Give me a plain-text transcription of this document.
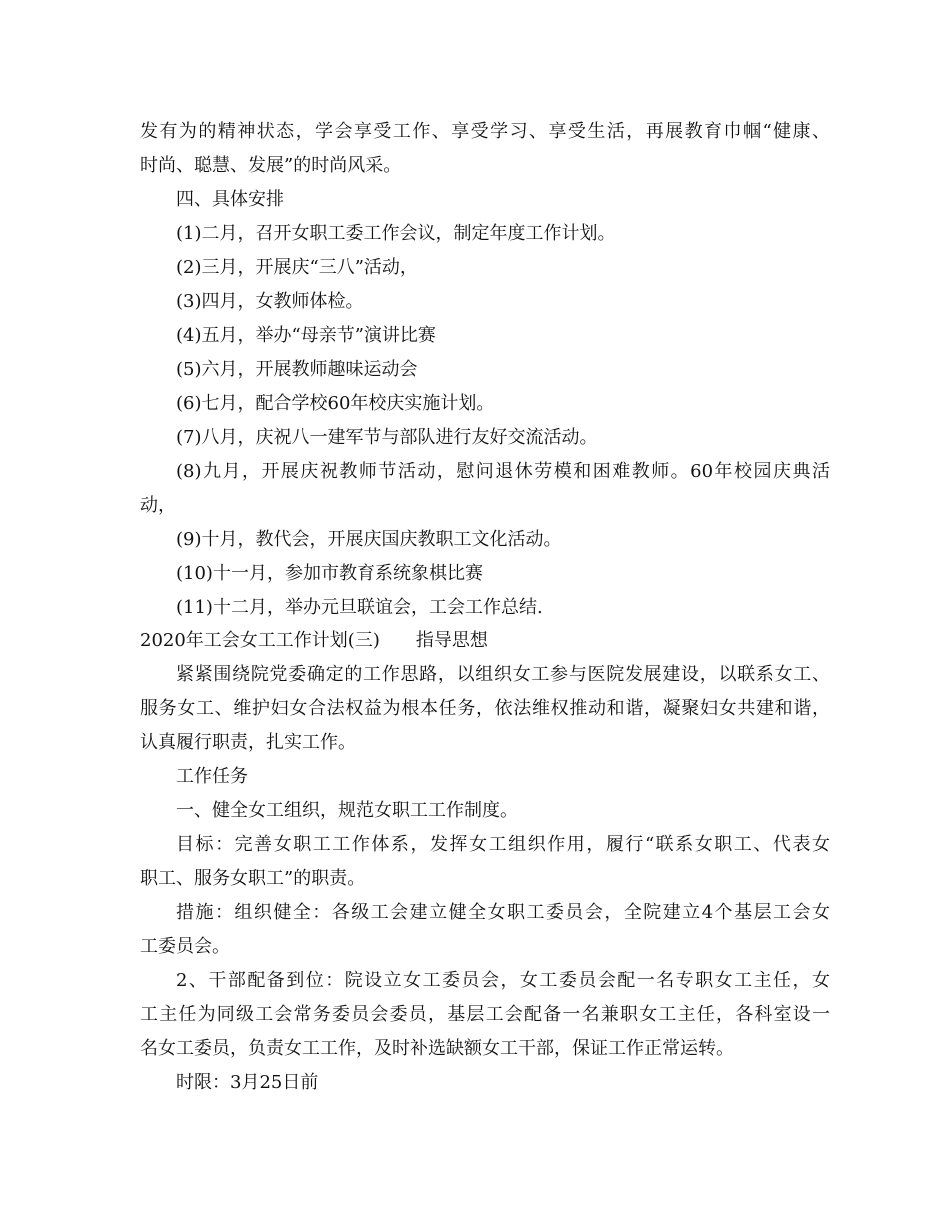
发有为的精神状态，学会享受工作、享受学习、享受生活，再展教育巾帼“健康、
时尚、聪慧、发展”的时尚风采。
四、具体安排
(1)二月，召开女职工委工作会议，制定年度工作计划。
(2)三月，开展庆“三八”活动，
(3)四月，女教师体检。
(4)五月，举办“母亲节”演讲比赛
(5)六月，开展教师趣味运动会
(6)七月，配合学校60年校庆实施计划。
(7)八月，庆祝八一建军节与部队进行友好交流活动。
(8)九月，开展庆祝教师节活动，慰问退休劳模和困难教师。60年校园庆典活
动，
(9)十月，教代会，开展庆国庆教职工文化活动。
(10)十一月，参加市教育系统象棋比赛
(11)十二月，举办元旦联谊会，工会工作总结.
2020年工会女工工作计划(三) 指导思想
紧紧围绕院党委确定的工作思路，以组织女工参与医院发展建设，以联系女工、
服务女工、维护妇女合法权益为根本任务，依法维权推动和谐，凝聚妇女共建和谐，
认真履行职责，扎实工作。
工作任务
一、健全女工组织，规范女职工工作制度。
目标：完善女职工工作体系，发挥女工组织作用，履行“联系女职工、代表女
职工、服务女职工”的职责。
措施：组织健全：各级工会建立健全女职工委员会，全院建立4个基层工会女
工委员会。
2、干部配备到位：院设立女工委员会，女工委员会配一名专职女工主任，女
工主任为同级工会常务委员会委员，基层工会配备一名兼职女工主任，各科室设一
名女工委员，负责女工工作，及时补选缺额女工干部，保证工作正常运转。
时限：3月25日前
